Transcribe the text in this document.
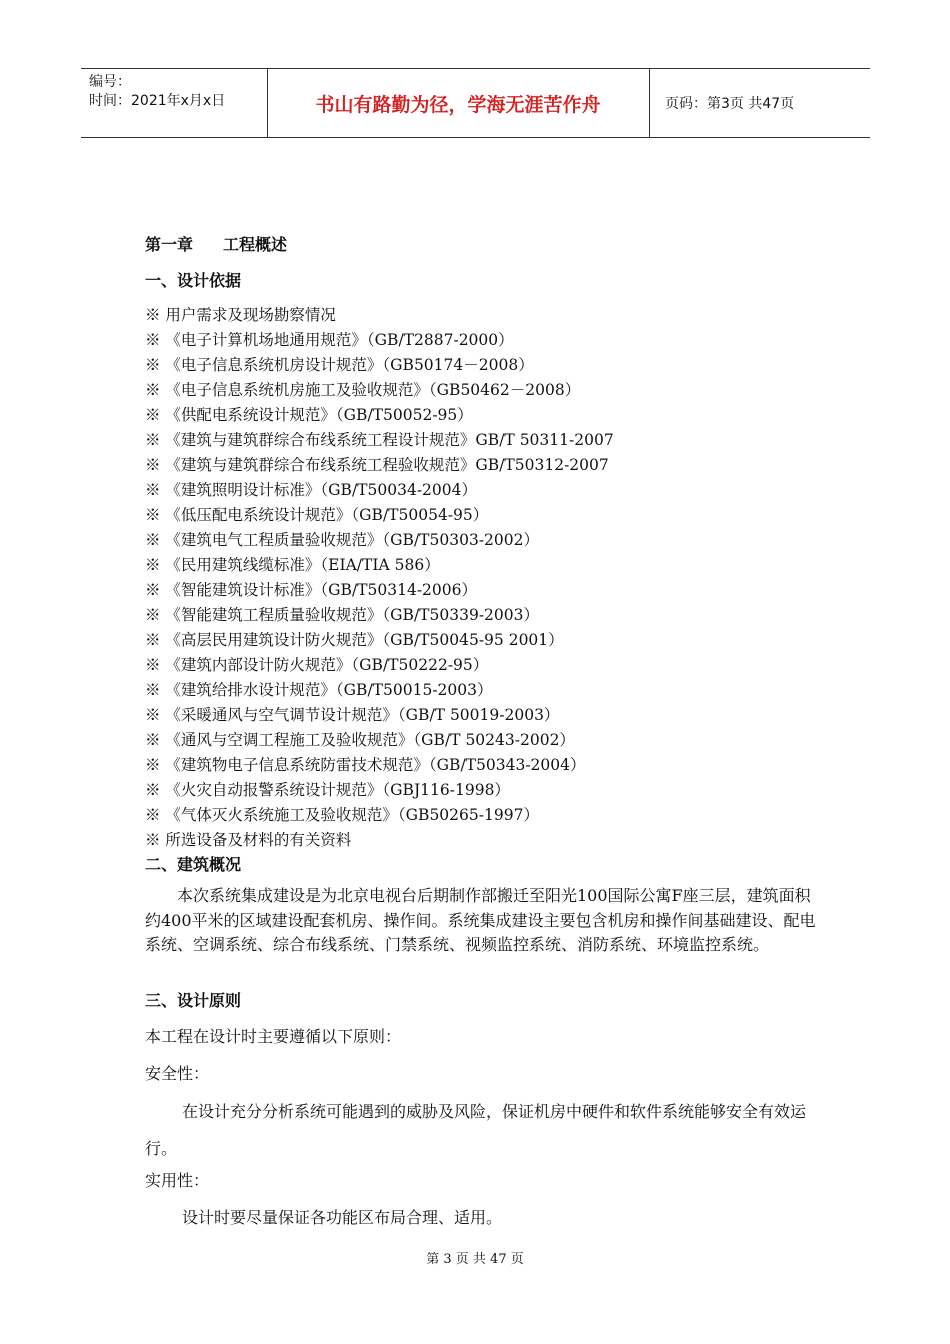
编号：
时间：2021年x月x日	书山有路勤为径，学海无涯苦作舟	页码：第3页 共47页
第一章 工程概述
一、设计依据
※ 用户需求及现场勘察情况
※ 《电子计算机场地通用规范》（GB/T2887-2000）
※ 《电子信息系统机房设计规范》（GB50174－2008）
※ 《电子信息系统机房施工及验收规范》（GB50462－2008）
※ 《供配电系统设计规范》（GB/T50052-95）
※ 《建筑与建筑群综合布线系统工程设计规范》GB/T 50311-2007
※ 《建筑与建筑群综合布线系统工程验收规范》GB/T50312-2007
※ 《建筑照明设计标准》（GB/T50034-2004）
※ 《低压配电系统设计规范》（GB/T50054-95）
※ 《建筑电气工程质量验收规范》（GB/T50303-2002）
※ 《民用建筑线缆标准》（EIA/TIA 586）
※ 《智能建筑设计标准》（GB/T50314-2006）
※ 《智能建筑工程质量验收规范》（GB/T50339-2003）
※ 《高层民用建筑设计防火规范》（GB/T50045-95 2001）
※ 《建筑内部设计防火规范》（GB/T50222-95）
※ 《建筑给排水设计规范》（GB/T50015-2003）
※ 《采暖通风与空气调节设计规范》（GB/T 50019-2003）
※ 《通风与空调工程施工及验收规范》（GB/T 50243-2002）
※ 《建筑物电子信息系统防雷技术规范》（GB/T50343-2004）
※ 《火灾自动报警系统设计规范》（GBJ116-1998）
※ 《气体灭火系统施工及验收规范》（GB50265-1997）
※ 所选设备及材料的有关资料
二、建筑概况
本次系统集成建设是为北京电视台后期制作部搬迁至阳光100国际公寓F座三层，建筑面积约400平米的区域建设配套机房、操作间。系统集成建设主要包含机房和操作间基础建设、配电系统、空调系统、综合布线系统、门禁系统、视频监控系统、消防系统、环境监控系统。
三、设计原则
本工程在设计时主要遵循以下原则：
安全性：
在设计充分分析系统可能遇到的威胁及风险，保证机房中硬件和软件系统能够安全有效运行。
实用性：
设计时要尽量保证各功能区布局合理、适用。
第 3 页 共 47 页
